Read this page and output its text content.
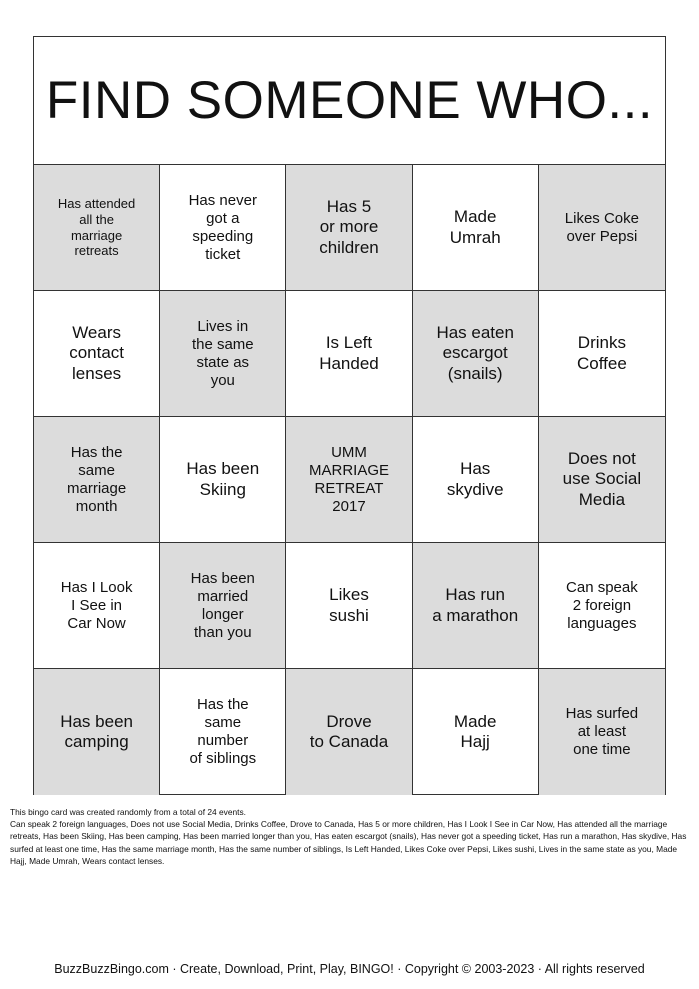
FIND SOMEONE WHO...
Has attended
all the
marriage
retreats
Has never
got a
speeding
ticket
Has 5
or more
children
Made
Umrah
Likes Coke
over Pepsi
Wears
contact
lenses
Lives in
the same
state as
you
Is Left
Handed
Has eaten
escargot
(snails)
Drinks
Coffee
Has the
same
marriage
month
Has been
Skiing
UMM
MARRIAGE
RETREAT
2017
Has
skydive
Does not
use Social
Media
Has I Look
I See in
Car Now
Has been
married
longer
than you
Likes
sushi
Has run
a marathon
Can speak
2 foreign
languages
Has been
camping
Has the
same
number
of siblings
Drove
to Canada
Made
Hajj
Has surfed
at least
one time

This bingo card was created randomly from a total of 24 events.

Can speak 2 foreign languages, Does not use Social Media, Drinks Coffee, Drove to Canada, Has 5 or more children, Has I Look I See in Car Now, Has attended all the marriage retreats, Has been Skiing, Has been camping, Has been married longer than you, Has eaten escargot (snails), Has never got a speeding ticket, Has run a marathon, Has skydive, Has surfed at least one time, Has the same marriage month, Has the same number of siblings, Is Left Handed, Likes Coke over Pepsi, Likes sushi, Lives in the same state as you, Made Hajj, Made Umrah, Wears contact lenses.

BuzzBuzzBingo.com · Create, Download, Print, Play, BINGO! · Copyright © 2003-2023 · All rights reserved
